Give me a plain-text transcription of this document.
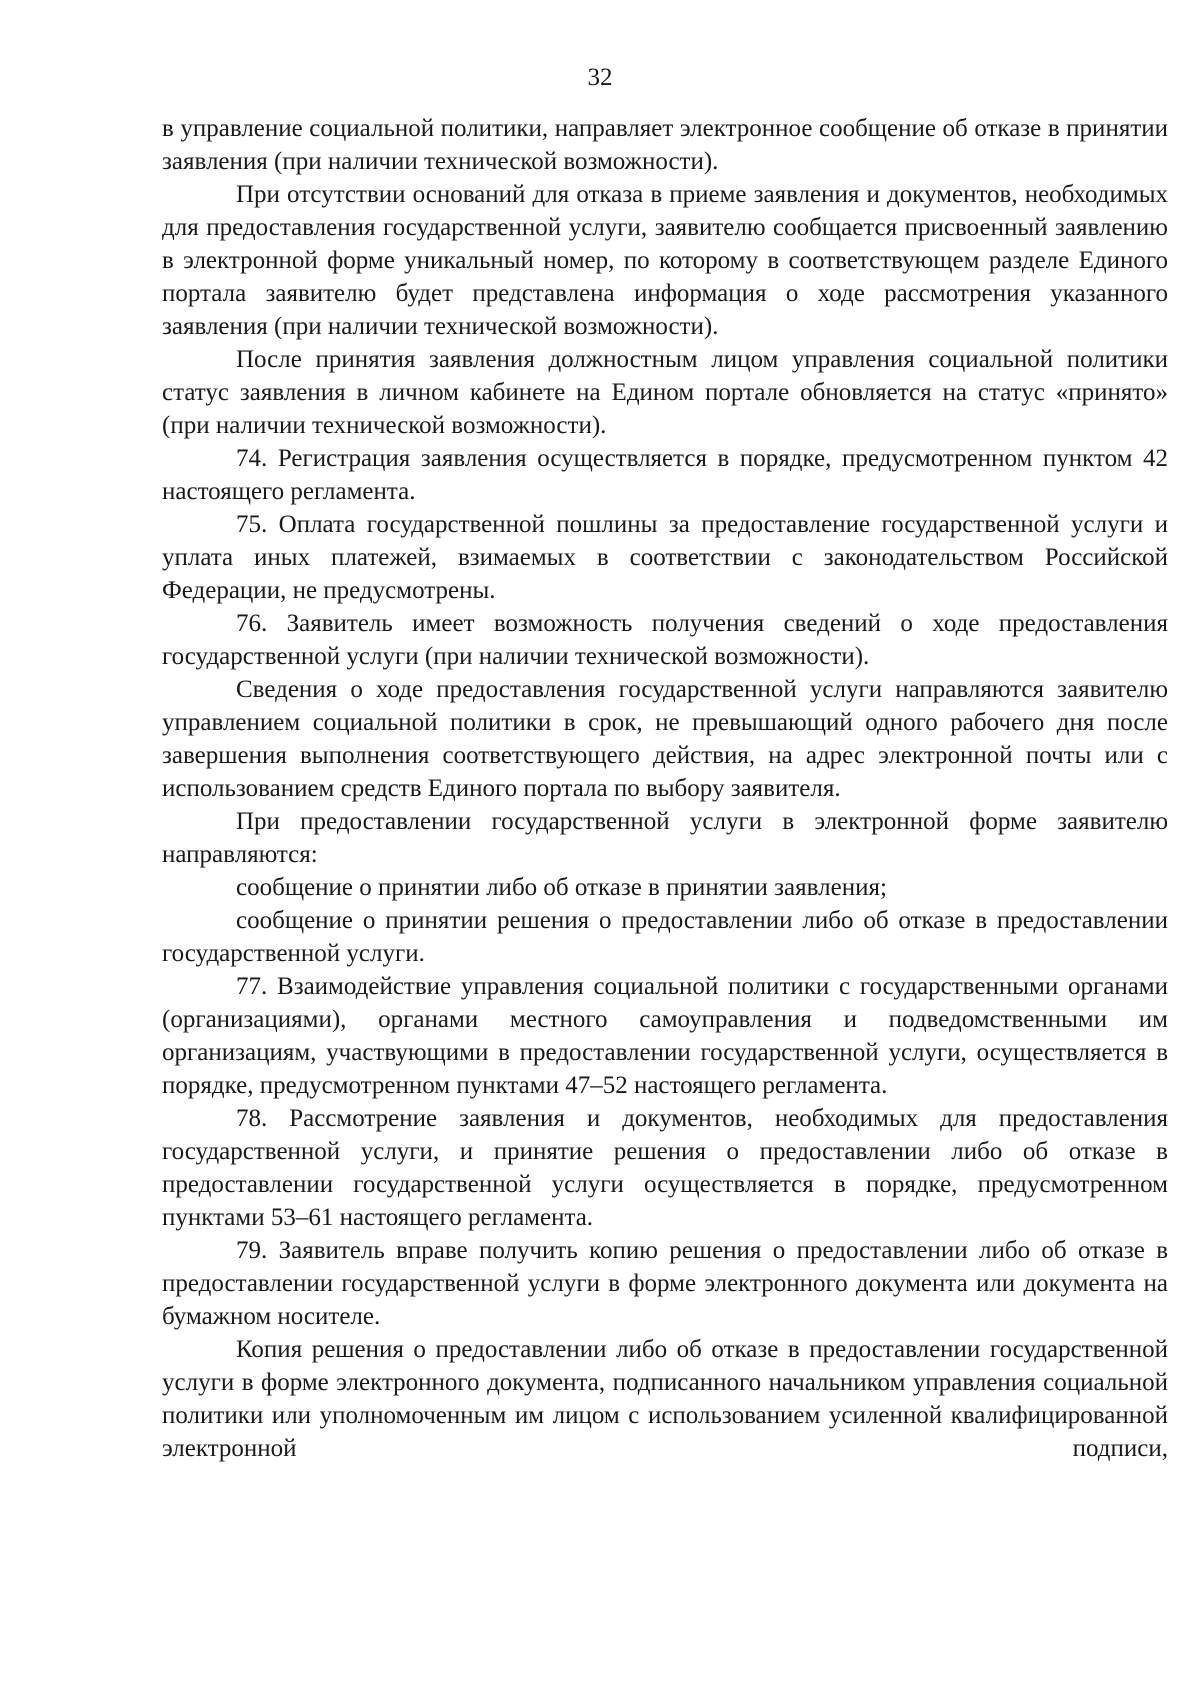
32

в управление социальной политики, направляет электронное сообщение об отказе в принятии заявления (при наличии технической возможности).

При отсутствии оснований для отказа в приеме заявления и документов, необходимых для предоставления государственной услуги, заявителю сообщается присвоенный заявлению в электронной форме уникальный номер, по которому в соответствующем разделе Единого портала заявителю будет представлена информация о ходе рассмотрения указанного заявления (при наличии технической возможности).

После принятия заявления должностным лицом управления социальной политики статус заявления в личном кабинете на Едином портале обновляется на статус «принято» (при наличии технической возможности).

74. Регистрация заявления осуществляется в порядке, предусмотренном пунктом 42 настоящего регламента.

75. Оплата государственной пошлины за предоставление государственной услуги и уплата иных платежей, взимаемых в соответствии с законодательством Российской Федерации, не предусмотрены.

76. Заявитель имеет возможность получения сведений о ходе предоставления государственной услуги (при наличии технической возможности).

Сведения о ходе предоставления государственной услуги направляются заявителю управлением социальной политики в срок, не превышающий одного рабочего дня после завершения выполнения соответствующего действия, на адрес электронной почты или с использованием средств Единого портала по выбору заявителя.

При предоставлении государственной услуги в электронной форме заявителю направляются:

сообщение о принятии либо об отказе в принятии заявления;

сообщение о принятии решения о предоставлении либо об отказе в предоставлении государственной услуги.

77. Взаимодействие управления социальной политики с государственными органами (организациями), органами местного самоуправления и подведомственными им организациям, участвующими в предоставлении государственной услуги, осуществляется в порядке, предусмотренном пунктами 47–52 настоящего регламента.

78. Рассмотрение заявления и документов, необходимых для предоставления государственной услуги, и принятие решения о предоставлении либо об отказе в предоставлении государственной услуги осуществляется в порядке, предусмотренном пунктами 53–61 настоящего регламента.

79. Заявитель вправе получить копию решения о предоставлении либо об отказе в предоставлении государственной услуги в форме электронного документа или документа на бумажном носителе.

Копия решения о предоставлении либо об отказе в предоставлении государственной услуги в форме электронного документа, подписанного начальником управления социальной политики или уполномоченным им лицом с использованием усиленной квалифицированной электронной подписи,
